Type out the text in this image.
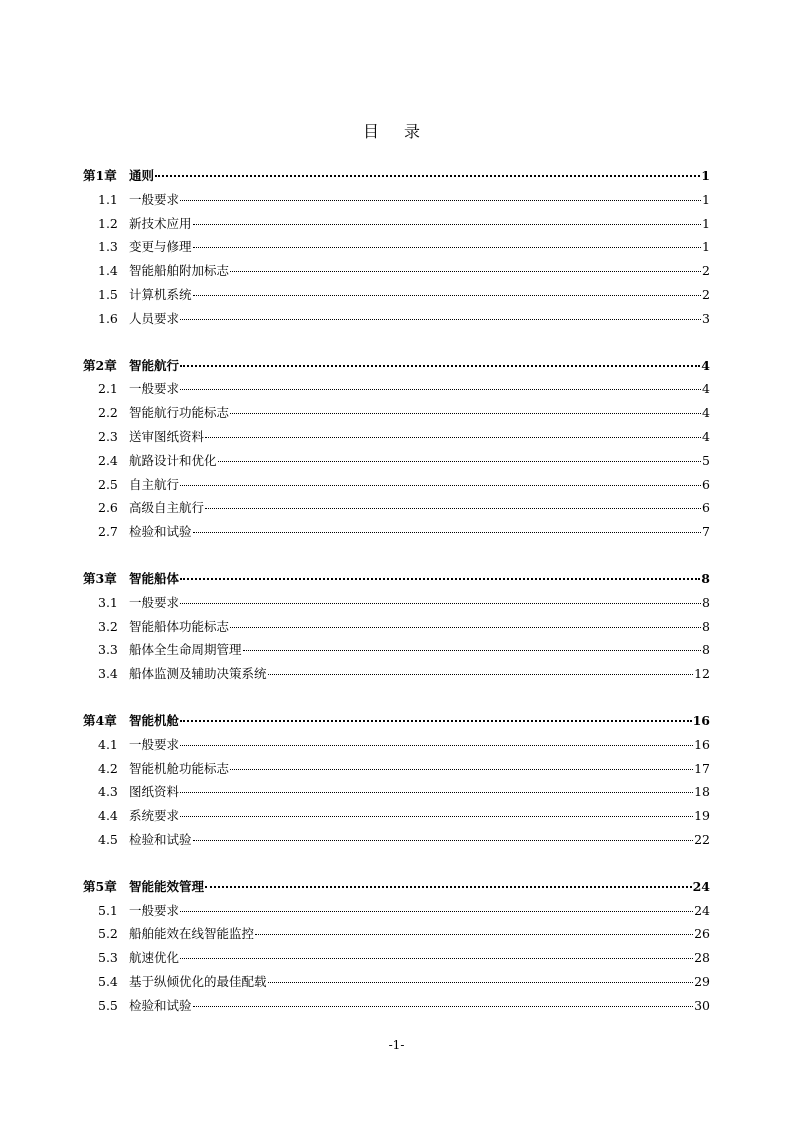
目 录
第1章 通则	1
1.1 一般要求	1
1.2 新技术应用	1
1.3 变更与修理	1
1.4 智能船舶附加标志	2
1.5 计算机系统	2
1.6 人员要求	3
第2章 智能航行	4
2.1 一般要求	4
2.2 智能航行功能标志	4
2.3 送审图纸资料	4
2.4 航路设计和优化	5
2.5 自主航行	6
2.6 高级自主航行	6
2.7 检验和试验	7
第3章 智能船体	8
3.1 一般要求	8
3.2 智能船体功能标志	8
3.3 船体全生命周期管理	8
3.4 船体监测及辅助决策系统	12
第4章 智能机舱	16
4.1 一般要求	16
4.2 智能机舱功能标志	17
4.3 图纸资料	18
4.4 系统要求	19
4.5 检验和试验	22
第5章 智能能效管理	24
5.1 一般要求	24
5.2 船舶能效在线智能监控	26
5.3 航速优化	28
5.4 基于纵倾优化的最佳配载	29
5.5 检验和试验	30
-1-
